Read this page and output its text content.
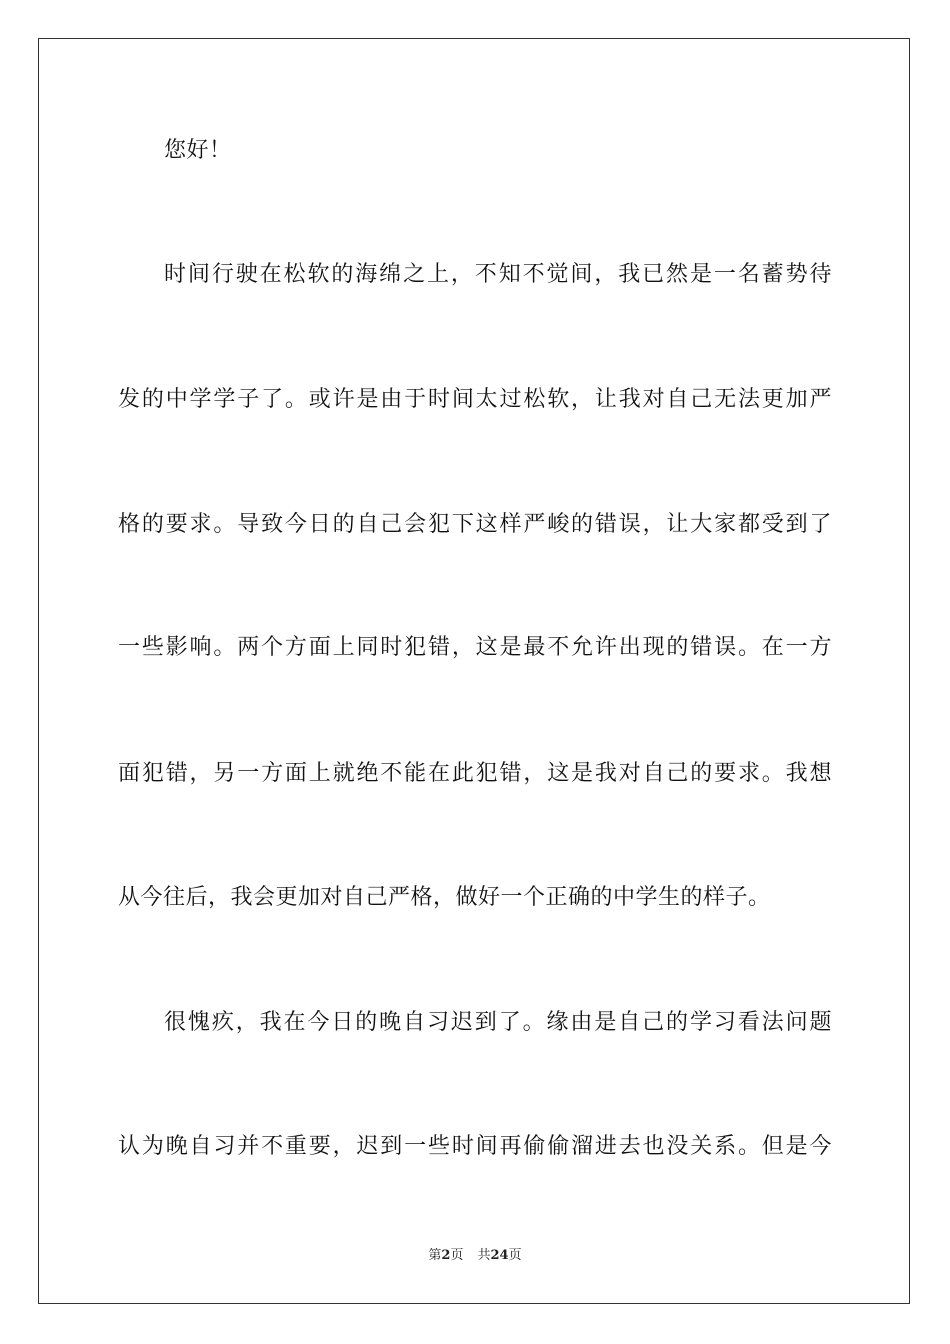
您好！
时间行驶在松软的海绵之上，不知不觉间，我已然是一名蓄势待
发的中学学子了。或许是由于时间太过松软，让我对自己无法更加严
格的要求。导致今日的自己会犯下这样严峻的错误，让大家都受到了
一些影响。两个方面上同时犯错，这是最不允许出现的错误。在一方
面犯错，另一方面上就绝不能在此犯错，这是我对自己的要求。我想
从今往后，我会更加对自己严格，做好一个正确的中学生的样子。
很愧疚，我在今日的晚自习迟到了。缘由是自己的学习看法问题
认为晚自习并不重要，迟到一些时间再偷偷溜进去也没关系。但是今
第2页 共24页
